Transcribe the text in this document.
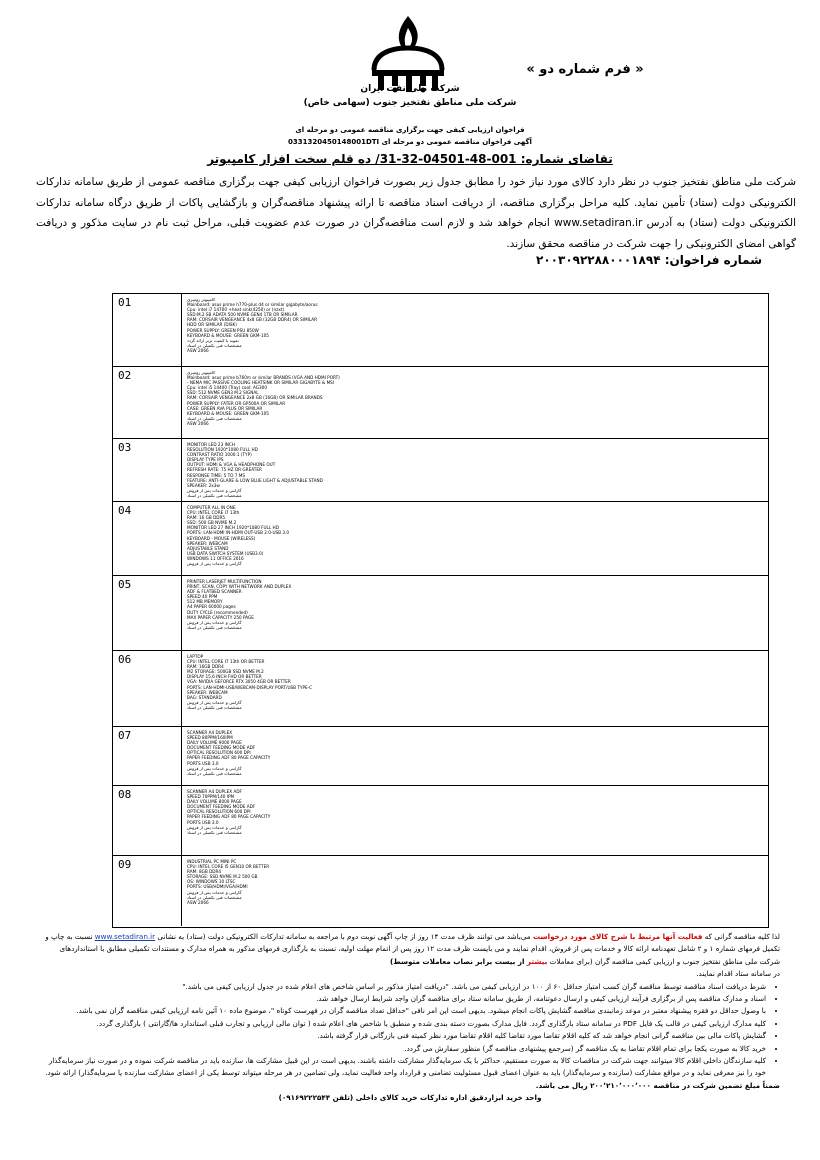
« فرم شماره دو »
شرکت ملی نفت ایران
شرکت ملی مناطق نفتخیز جنوب (سهامی خاص)
فراخوان ارزیابی کیفی جهت برگزاری مناقصه عمومی دو مرحله ای
آگهی فراخوان مناقصه عمومی دو مرحله ای 0331320450148001DTI
تقاضای شماره: 001-48-04501-32-31/ ده قلم سخت افزار کامپیوتر
شرکت ملی مناطق نفتخیز جنوب در نظر دارد کالای مورد نیاز خود را مطابق جدول زیر بصورت فراخوان ارزیابی کیفی جهت برگزاری مناقصه عمومی از طریق سامانه تدارکات الکترونیکی دولت (ستاد) تأمین نماید. کلیه مراحل برگزاری مناقصه، از دریافت اسناد مناقصه تا ارائه پیشنهاد مناقصه‌گران و بازگشایی پاکات از طریق درگاه سامانه تدارکات الکترونیکی دولت (ستاد) به آدرس www.setadiran.ir انجام خواهد شد و لازم است مناقصه‌گران در صورت عدم عضویت قبلی، مراحل ثبت نام در سایت مذکور و دریافت گواهی امضای الکترونیکی را جهت شرکت در مناقصه محقق سازند.
شماره فراخوان: ۲۰۰۳۰۹۲۲۸۸۰۰۰۱۸۹۴
01	کامپیوتر رومیزی
Mainboard: asus prime h770-plus d4 or similar gigabyte/aorus
Cpu: intel i7 14700 +heat sink(4250) or (nzxt)
SSD:M.2 SB ADATA 500 NVME GEN4 1TB OR SIMILAR
RAM: CORSAIR VENGEANCE 4x8 GB (32GB DDR4) OR SIMILAR
HDD OR SIMILAR (DISK)
POWER SUPPLY: GREEN PSU 850W
KEYBOARD & MOUSE: GREEN GKM-105
نمونه با کیفیت برتر ارائه گردد
مشخصات فنی تکمیلی در اسناد
ASW 2066
02	کامپیوتر رومیزی
Mainboard: asus prime b760m or similar BRANDS (VGA AND HDMI PORT)
- NEMA MIC PASSIVE COOLING HEATSINK OR SIMILAR GIGABYTE & MSI
Cpu: intel i5 14400 (Tray) cool: AG300
SSD: 512 NVME GEN3 M.2 SIGNAL
RAM: CORSAIR VENGEANCE 2x8 GB (16GB) OR SIMILAR BRANDS
POWER SUPPLY: FATER OR GP500A OR SIMILAR
CASE: GREEN AVA PLUS OR SIMILAR
KEYBOARD & MOUSE: GREEN GKM-105
مشخصات فنی تکمیلی در اسناد
ASW 2066
03	MONITOR LED 23 INCH
RESOLUTION 1920*1080 FULL HD
CONTRAST RATIO 1000:1 (TYP)
DISPLAY TYPE IPS
OUTPUT: HDMI & VGA & HEADPHONE OUT
REFRESH RATE: 75 HZ OR GREATER
RESPONSE TIME: 5 TO 7 MS
FEATURE: ANTI-GLARE & LOW BLUE LIGHT & ADJUSTABLE STAND
SPEAKER: 2x3w
گارانتی و خدمات پس از فروش
مشخصات فنی تکمیلی در اسناد
04	COMPUTER ALL IN ONE
CPU: INTEL CORE I7 13th
RAM: 16 GB DDR5
SSD: 500 GB NVME M.2
MONITOR LED 27 INCH 1920*1080 FULL HD
PORTS: LAN-HDMI IN-HDMI OUT-USB 2.0-USB 3.0
KEYBOARD - MOUSE (WIRELESS)
SPEAKER: WEBCAM
ADJUSTABLE STAND
USB DATA SWITCH SYSTEM (USB3.0)
WINDOWS 11 OFFICE 2016
گارانتی و خدمات پس از فروش
05	PRINTER LASERJET MULTIFUNCTION
PRINT, SCAN, COPY WITH NETWORK AND DUPLEX
ADF & FLATBED SCANNER
SPEED 40 PPM
512 MB MEMORY
A4 PAPER 60000 pages
DUTY CYCLE (recommended)
MAX PAPER CAPACITY 250 PAGE
گارانتی و خدمات پس از فروش
مشخصات فنی تکمیلی در اسناد
06	LAPTOP
CPU: INTEL CORE I7 13th OR BETTER
RAM: 16GB DDR4
M2 STORAGE: 500GB SSD NVME M.2
DISPLAY 15.6 INCH FHD OR BETTER
VGA: NVIDIA GEFORCE RTX 3050 4GB OR BETTER
PORTS: LAN-HDMI-USB/WEBCAM-DISPLAY PORT/USB TYPE-C
SPEAKER: WEBCAM
BAG: STANDARD
گارانتی و خدمات پس از فروش
مشخصات فنی تکمیلی در اسناد
07	SCANNER A4 DUPLEX
SPEED 80PPM/160IPM
DAILY VOLUME 9000 PAGE
DOCUMENT FEEDING MODE ADF
OPTICAL RESOLUTION 600 DPI
PAPER FEEDING ADF 80 PAGE CAPACITY
PORTS USB 3.0
گارانتی و خدمات پس از فروش
مشخصات فنی تکمیلی در اسناد
08	SCANNER A4 DUPLEX ADF
SPEED 70PPM/140 IPM
DAILY VOLUME 8000 PAGE
DOCUMENT FEEDING MODE ADF
OPTICAL RESOLUTION 600 DPI
PAPER FEEDING ADF 80 PAGE CAPACITY
PORTS USB 3.0
گارانتی و خدمات پس از فروش
مشخصات فنی تکمیلی در اسناد
09	INDUSTRIAL PC MINI PC
CPU: INTEL CORE I5 GEN10 OR BETTER
RAM: 8GB DDR4
STORAGE: SSD NVME M.2 500 GB
OS: WINDOWS 10 LTSC
PORTS: USB/HDMI/VGA/HDMI
گارانتی و خدمات پس از فروش
مشخصات فنی تکمیلی در اسناد
ASW 2066

لذا کلیه مناقصه گرانی که فعالیت آنها مرتبط با شرح کالای مورد درخواست می‌باشد می توانند ظرف مدت ۱۴ روز از چاپ آگهی نوبت دوم با مراجعه به سامانه تدارکات الکترونیکی دولت (ستاد) به نشانی www.setadiran.ir نسبت به چاپ و تکمیل فرمهای شماره ۱ و ۲ شامل تعهدنامه ارائه کالا و خدمات پس از فروش، اقدام نمایند و می بایست ظرف مدت ۱۲ روز پس از اتمام مهلت اولیه، نسبت به بارگذاری فرمهای مذکور به همراه مدارک و مستندات تکمیلی مطابق با استانداردهای شرکت ملی مناطق نفتخیز جنوب و ارزیابی کیفی مناقصه گران (برای معاملات بیشتر از بیست برابر نصاب معاملات متوسط)

در سامانه ستاد اقدام نمایند.

• شرط دریافت اسناد مناقصه توسط مناقصه گران کسب امتیاز حداقل ۶۰ از ۱۰۰ در ارزیابی کیفی می باشد. "دریافت امتیاز مذکور بر اساس شاخص های اعلام شده در جدول ارزیابی کیفی می باشد."
• اسناد و مدارک مناقصه پس از برگزاری فرآیند ارزیابی کیفی و ارسال دعوتنامه، از طریق سامانه ستاد برای مناقصه گران واجد شرایط ارسال خواهد شد.
• با وصول حداقل دو فقره پیشنهاد معتبر در موعد زمانبندی مناقصه گشایش پاکات انجام میشود. بدیهی است این امر نافی "حداقل تعداد مناقصه گران در فهرست کوتاه "، موضوع ماده ۱۰ آئین نامه ارزیابی کیفی مناقصه گران نمی باشد.
• کلیه مدارک ارزیابی کیفی در قالب یک فایل PDF در سامانه ستاد بارگذاری گردد. فایل مدارک بصورت دسته بندی شده و منطبق با شاخص های اعلام شده ( توان مالی ارزیابی و تجارب قبلی استاندارد ها/گارانتی ) بارگذاری گردد.
• گشایش پاکات مالی بین مناقصه گرانی انجام خواهد شد که کلیه اقلام تقاضا مورد تقاضا کلیه اقلام تقاضا مورد نظر کمیته فنی بازرگانی قرار گرفته باشد.
• خرید کالا به صورت یکجا برای تمام اقلام تقاضا به یک مناقصه گر (سرجمع پیشنهادی مناقصه گر) منظور سفارش می گردد.
• کلیه سازندگان داخلی اقلام کالا میتوانند جهت شرکت در مناقصات کالا به صورت مستقیم، حداکثر با یک سرمایه‌گذار مشارکت داشته باشند. بدیهی است در این قبیل مشارکت ها، سازنده باید در مناقصه شرکت نموده و در صورت نیاز سرمایه‌گذار خود را نیز معرفی نماید و در مواقع مشارکت (سازنده و سرمایه‌گذار) باید به عنوان اعضای قبول مسئولیت تضامنی و قرارداد واحد فعالیت نماید، ولی تضامین در هر مرحله میتواند توسط یکی از اعضای مشارکت سازنده یا سرمایه‌گذار) ارائه شود.

ضمناً مبلغ تضمین شرکت در مناقصه ۲۰۰٬۲۱۰٬۰۰۰٬۰۰۰ ریال می باشد.

واحد خرید ابزاردقیق اداره تدارکات خرید کالای داخلی (تلفن ۰۹۱۶۹۲۲۲۵۴۴)
